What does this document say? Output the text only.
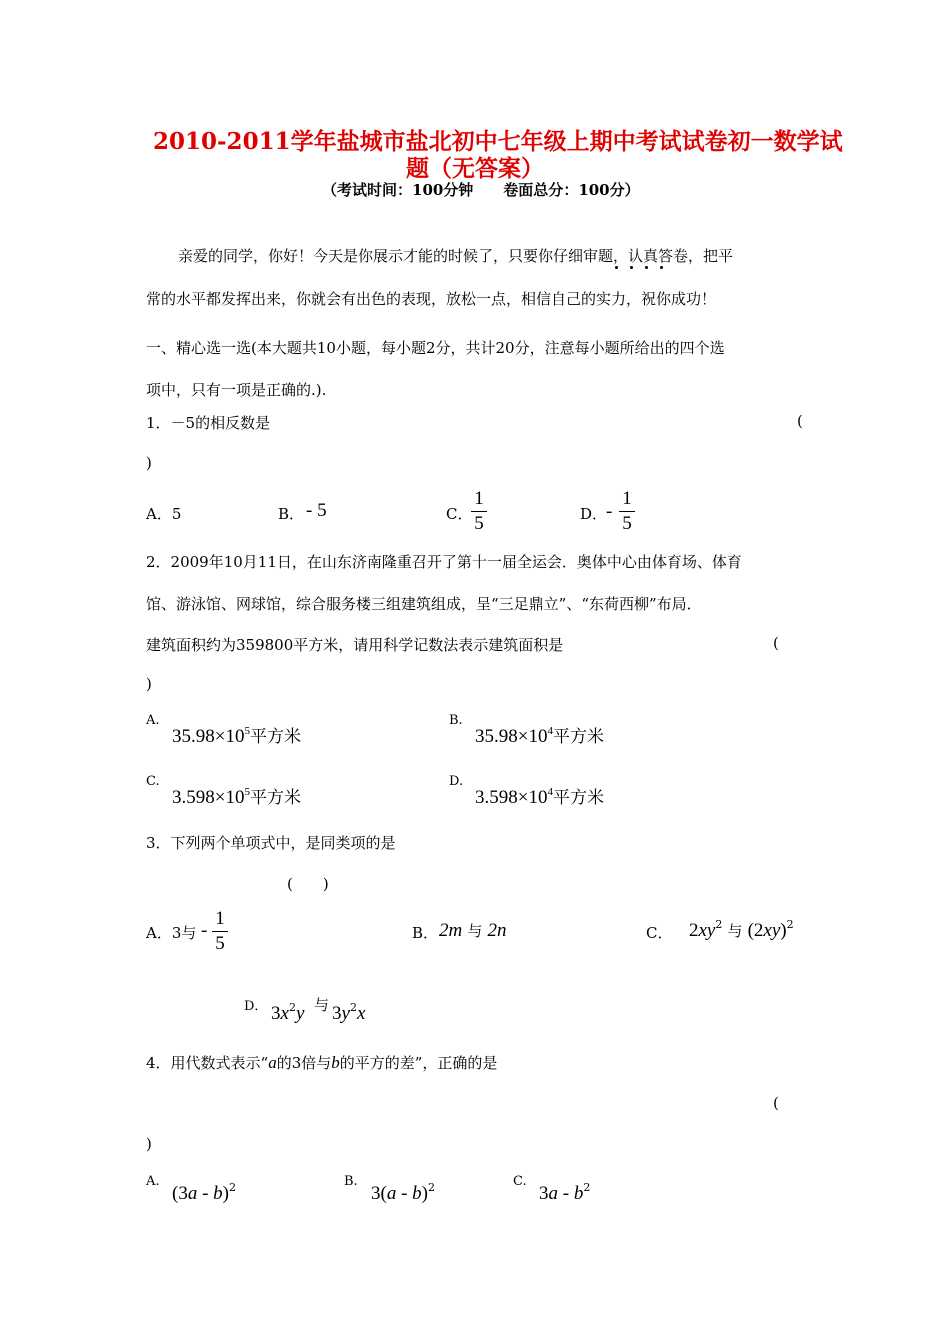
2010-2011学年盐城市盐北初中七年级上期中考试试卷初一数学试
题（无答案）
（考试时间：100分钟　　卷面总分：100分）
亲爱的同学，你好！今天是你展示才能的时候了，只要你仔细审题，认真答卷，把平
常的水平都发挥出来，你就会有出色的表现，放松一点，相信自己的实力，祝你成功！
一、精心选一选(本大题共10小题，每小题2分，共计20分，注意每小题所给出的四个选
项中，只有一项是正确的.).
1．－5的相反数是	(
)
A．5	B． - 5	C．
1
5	D．
-
1
5
2．2009年10月11日，在山东济南隆重召开了第十一届全运会．奥体中心由体育场、体育
馆、游泳馆、网球馆，综合服务楼三组建筑组成，呈“三足鼎立”、“东荷西柳”布局．
建筑面积约为359800平方米，请用科学记数法表示建筑面积是	(
)
A.
$35.98\times 10^5$平方米
B.
$35.98\times 10^4$平方米
C.
$3.598\times 10^5$平方米
D.
$3.598\times 10^4$平方米
3．下列两个单项式中，是同类项的是
(　　)
A．3与 -
1
5	B． 2m 与 2n	C． $2xy^2$ 与 $(2xy)^2$
D． $3x^2y$ 与 $3y^2x$
4．用代数式表示“a的3倍与b的平方的差”，正确的是
(
)
A.
(3a - b)$^2$	B.
3(a - b)$^2$	C.
$3a - b^2$
